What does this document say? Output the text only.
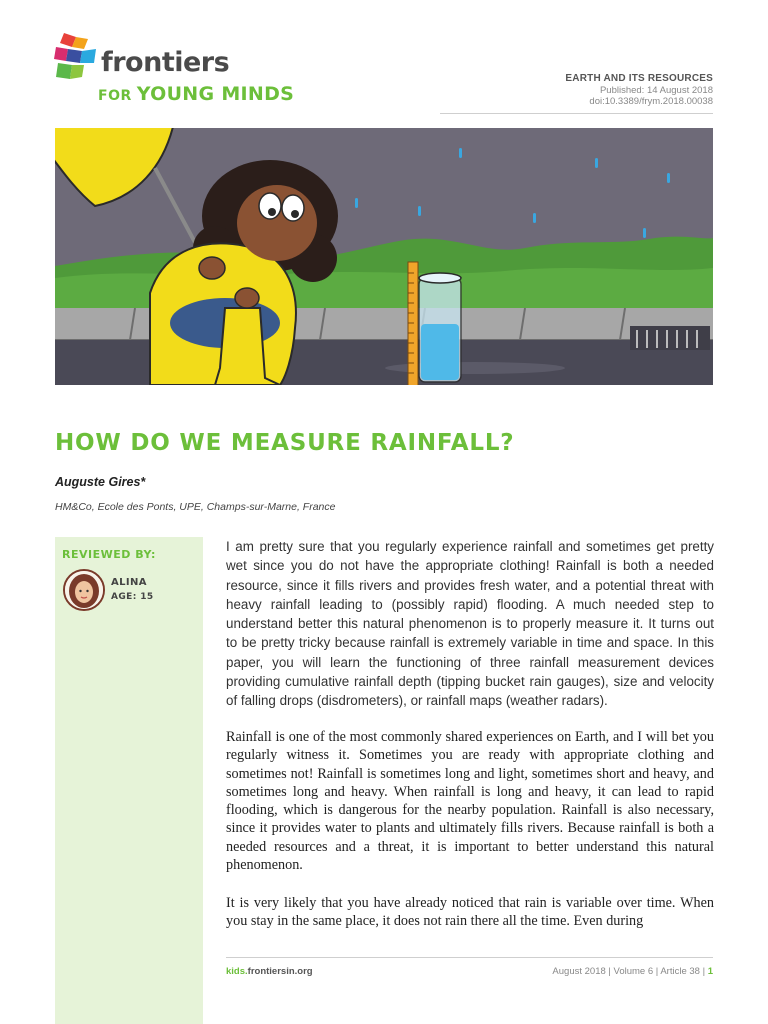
frontiers
FOR YOUNG MINDS
EARTH AND ITS RESOURCES
Published: 14 August 2018
doi:10.3389/frym.2018.00038
HOW DO WE MEASURE RAINFALL?
Auguste Gires*
HM&Co, Ecole des Ponts, UPE, Champs-sur-Marne, France
REVIEWED BY:
ALINA
AGE: 15

I am pretty sure that you regularly experience rainfall and sometimes get pretty wet since you do not have the appropriate clothing! Rainfall is both a needed resource, since it fills rivers and provides fresh water, and a potential threat with heavy rainfall leading to (possibly rapid) flooding. A much needed step to understand better this natural phenomenon is to properly measure it. It turns out to be pretty tricky because rainfall is extremely variable in time and space. In this paper, you will learn the functioning of three rainfall measurement devices providing cumulative rainfall depth (tipping bucket rain gauges), size and velocity of falling drops (disdrometers), or rainfall maps (weather radars).

Rainfall is one of the most commonly shared experiences on Earth, and I will bet you regularly witness it. Sometimes you are ready with appropriate clothing and sometimes not! Rainfall is sometimes long and light, sometimes short and heavy, and sometimes long and heavy. When rainfall is long and heavy, it can lead to rapid flooding, which is dangerous for the nearby population. Rainfall is also necessary, since it provides water to plants and ultimately fills rivers. Because rainfall is both a needed resources and a threat, it is important to better understand this natural phenomenon.

It is very likely that you have already noticed that rain is variable over time. When you stay in the same place, it does not rain there all the time. Even during

kids.frontiersin.org	August 2018 | Volume 6 | Article 38 | 1
